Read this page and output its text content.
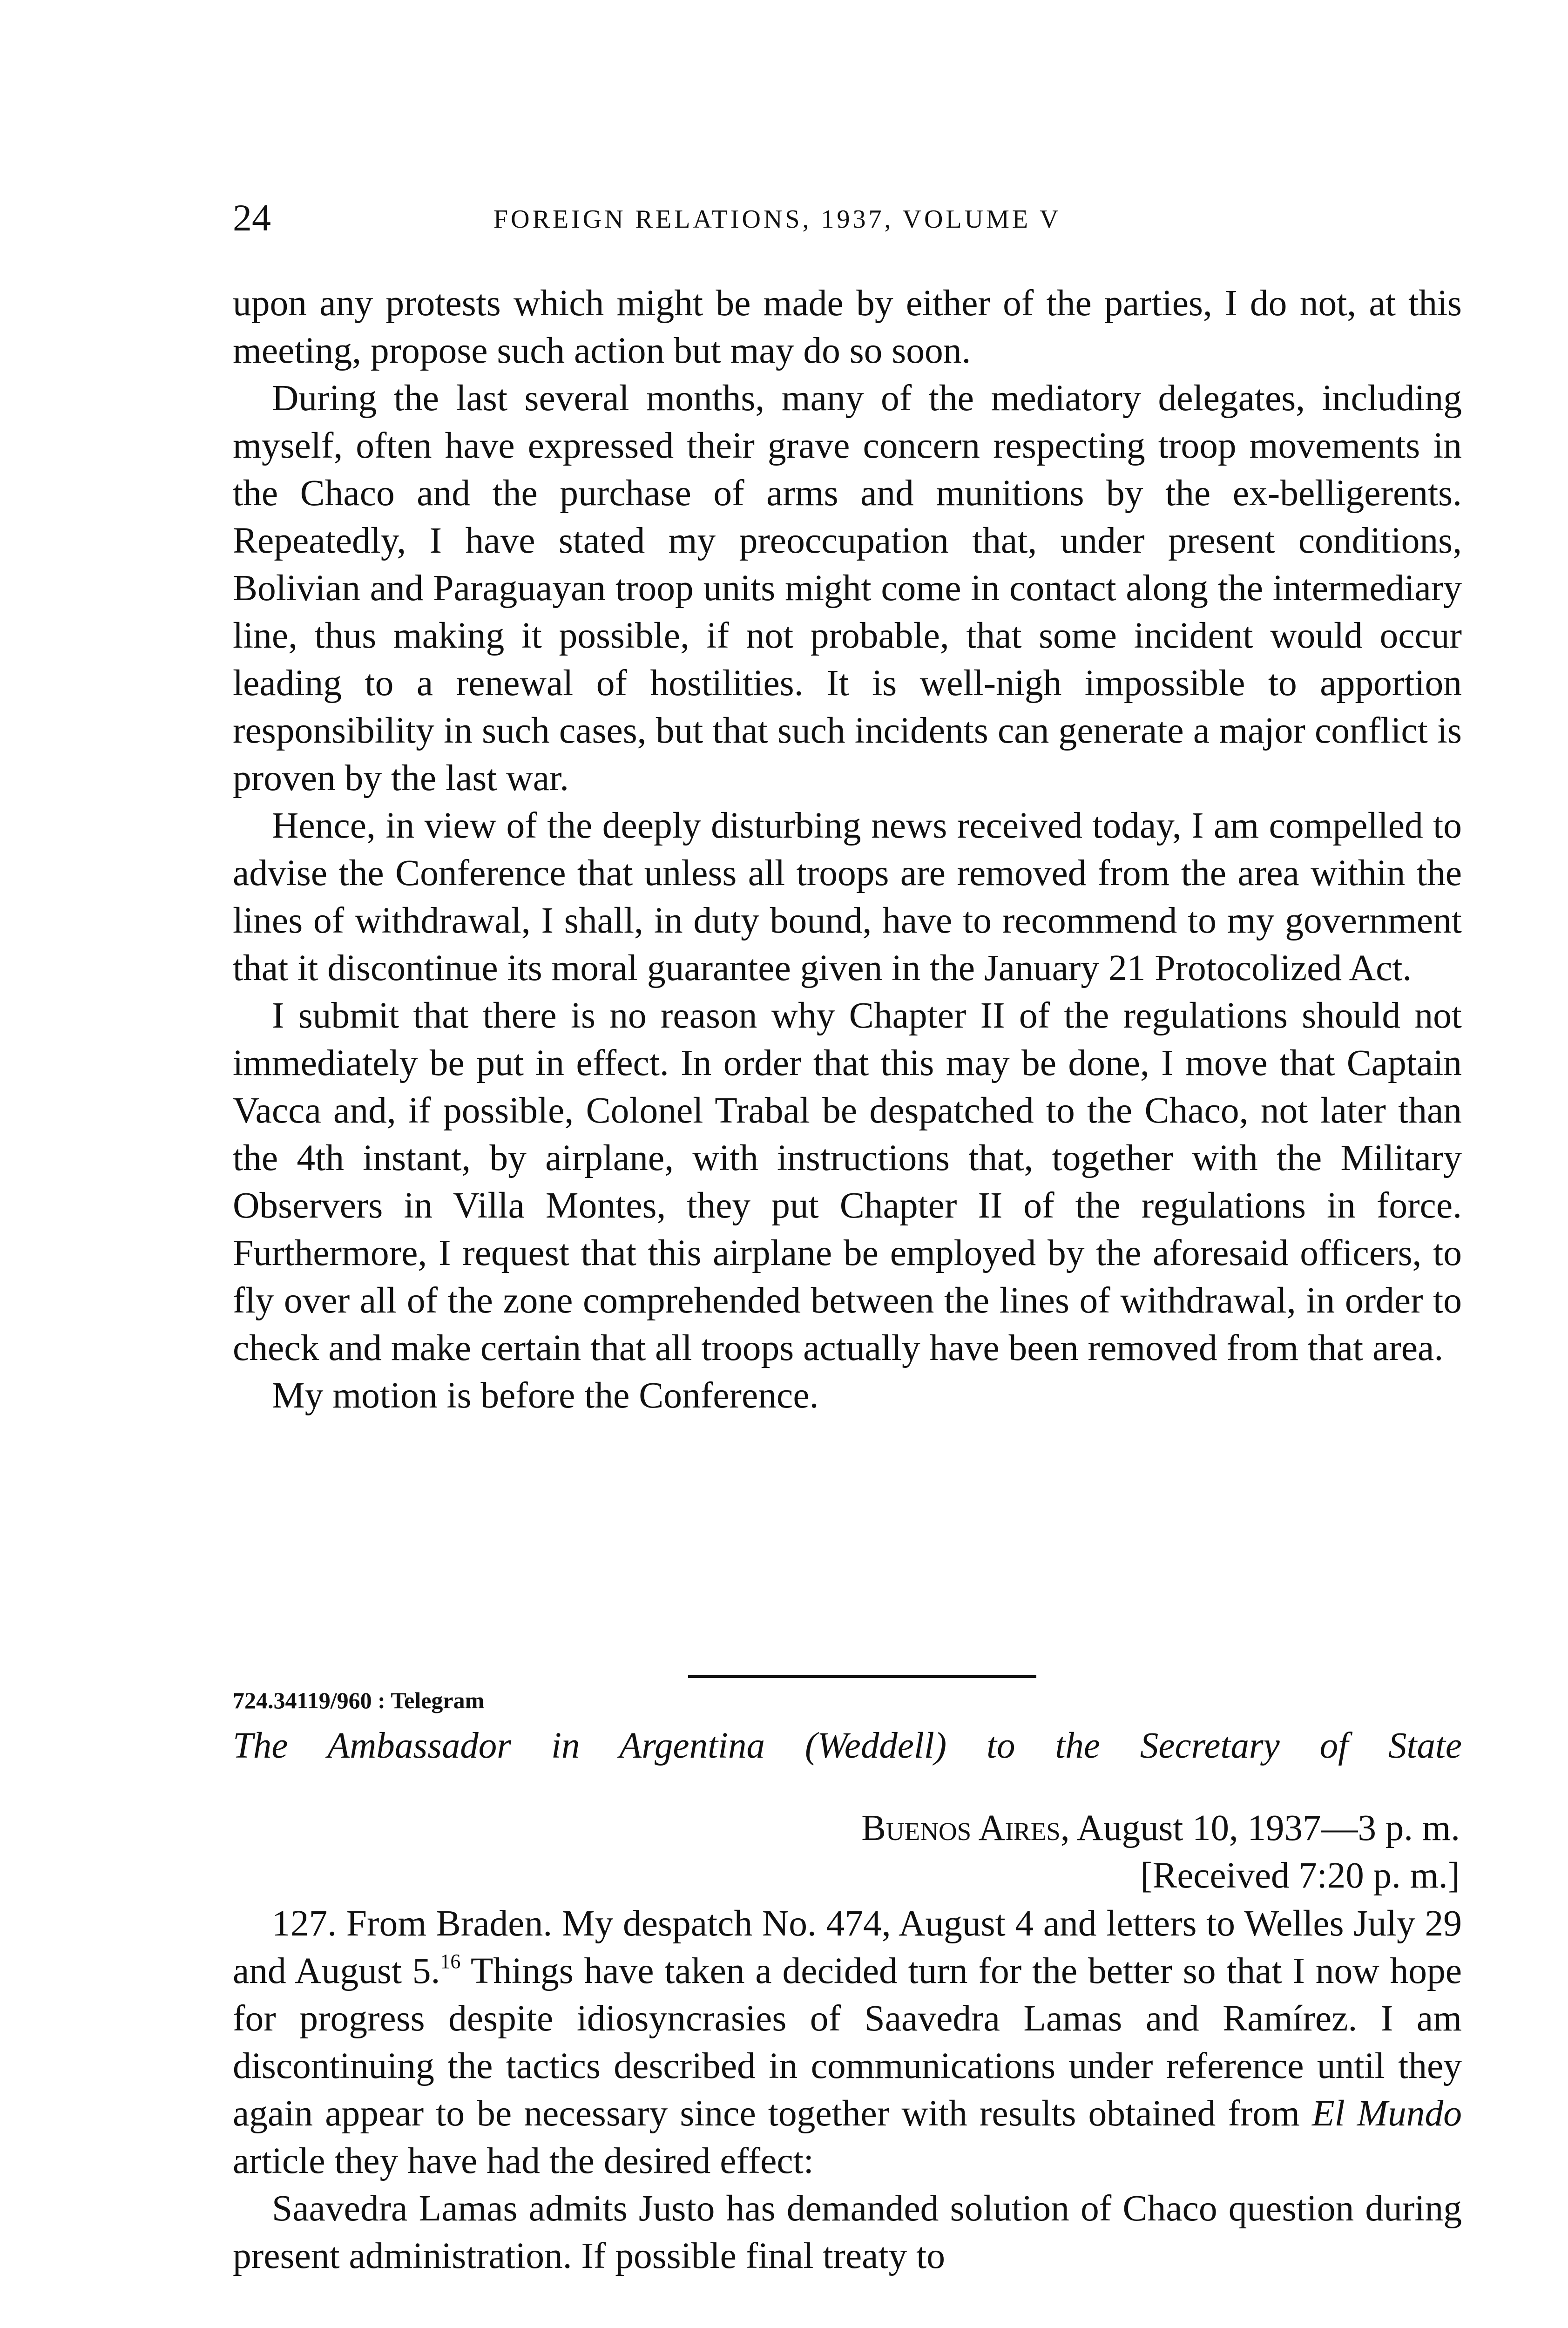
24	FOREIGN RELATIONS, 1937, VOLUME V

upon any protests which might be made by either of the parties, I do not, at this meeting, propose such action but may do so soon.

During the last several months, many of the mediatory delegates, including myself, often have expressed their grave concern respecting troop movements in the Chaco and the purchase of arms and munitions by the ex-belligerents. Repeatedly, I have stated my preoccupation that, under present conditions, Bolivian and Paraguayan troop units might come in contact along the intermediary line, thus making it possible, if not probable, that some incident would occur leading to a renewal of hostilities. It is well-nigh impossible to apportion responsibility in such cases, but that such incidents can generate a major conflict is proven by the last war.

Hence, in view of the deeply disturbing news received today, I am compelled to advise the Conference that unless all troops are removed from the area within the lines of withdrawal, I shall, in duty bound, have to recommend to my government that it discontinue its moral guarantee given in the January 21 Protocolized Act.

I submit that there is no reason why Chapter II of the regulations should not immediately be put in effect. In order that this may be done, I move that Captain Vacca and, if possible, Colonel Trabal be despatched to the Chaco, not later than the 4th instant, by airplane, with instructions that, together with the Military Observers in Villa Montes, they put Chapter II of the regulations in force. Furthermore, I request that this airplane be employed by the aforesaid officers, to fly over all of the zone comprehended between the lines of withdrawal, in order to check and make certain that all troops actually have been removed from that area.

My motion is before the Conference.

724.34119/960 : Telegram
The Ambassador in Argentina (Weddell) to the Secretary of State
Buenos Aires, August 10, 1937—3 p. m.
[Received 7:20 p. m.]

127. From Braden. My despatch No. 474, August 4 and letters to Welles July 29 and August 5.16 Things have taken a decided turn for the better so that I now hope for progress despite idiosyncrasies of Saavedra Lamas and Ramírez. I am discontinuing the tactics described in communications under reference until they again appear to be necessary since together with results obtained from El Mundo article they have had the desired effect:

Saavedra Lamas admits Justo has demanded solution of Chaco question during present administration. If possible final treaty to
